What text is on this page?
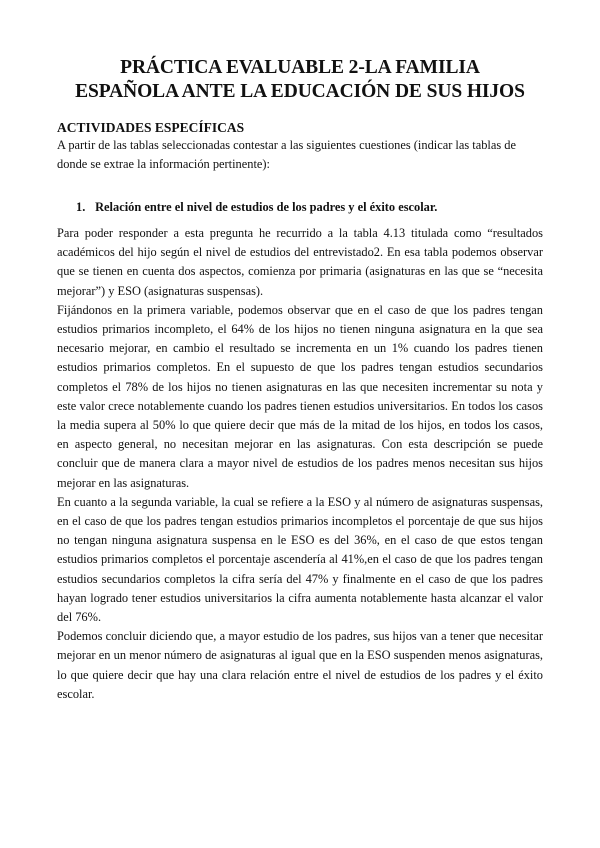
PRÁCTICA EVALUABLE 2-LA FAMILIA
ESPAÑOLA ANTE LA EDUCACIÓN DE SUS HIJOS
ACTIVIDADES ESPECÍFICAS

A partir de las tablas seleccionadas contestar a las siguientes cuestiones (indicar las tablas de donde se extrae la información pertinente):

1. Relación entre el nivel de estudios de los padres y el éxito escolar.

Para poder responder a esta pregunta he recurrido a la tabla 4.13 titulada como “resultados académicos del hijo según el nivel de estudios del entrevistado2. En esa tabla podemos observar que se tienen en cuenta dos aspectos, comienza por primaria (asignaturas en las que se “necesita mejorar”) y ESO (asignaturas suspensas).

Fijándonos en la primera variable, podemos observar que en el caso de que los padres tengan estudios primarios incompleto, el 64% de los hijos no tienen ninguna asignatura en la que sea necesario mejorar, en cambio el resultado se incrementa en un 1% cuando los padres tienen estudios primarios completos. En el supuesto de que los padres tengan estudios secundarios completos el 78% de los hijos no tienen asignaturas en las que necesiten incrementar su nota y este valor crece notablemente cuando los padres tienen estudios universitarios. En todos los casos la media supera al 50% lo que quiere decir que más de la mitad de los hijos, en todos los casos, en aspecto general, no necesitan mejorar en las asignaturas. Con esta descripción se puede concluir que de manera clara a mayor nivel de estudios de los padres menos necesitan sus hijos mejorar en las asignaturas.

En cuanto a la segunda variable, la cual se refiere a la ESO y al número de asignaturas suspensas, en el caso de que los padres tengan estudios primarios incompletos el porcentaje de que sus hijos no tengan ninguna asignatura suspensa en le ESO es del 36%, en el caso de que estos tengan estudios primarios completos el porcentaje ascendería al 41%,en el caso de que los padres tengan estudios secundarios completos la cifra sería del 47% y finalmente en el caso de que los padres hayan logrado tener estudios universitarios la cifra aumenta notablemente hasta alcanzar el valor del 76%.

Podemos concluir diciendo que, a mayor estudio de los padres, sus hijos van a tener que necesitar mejorar en un menor número de asignaturas al igual que en la ESO suspenden menos asignaturas, lo que quiere decir que hay una clara relación entre el nivel de estudios de los padres y el éxito escolar.
